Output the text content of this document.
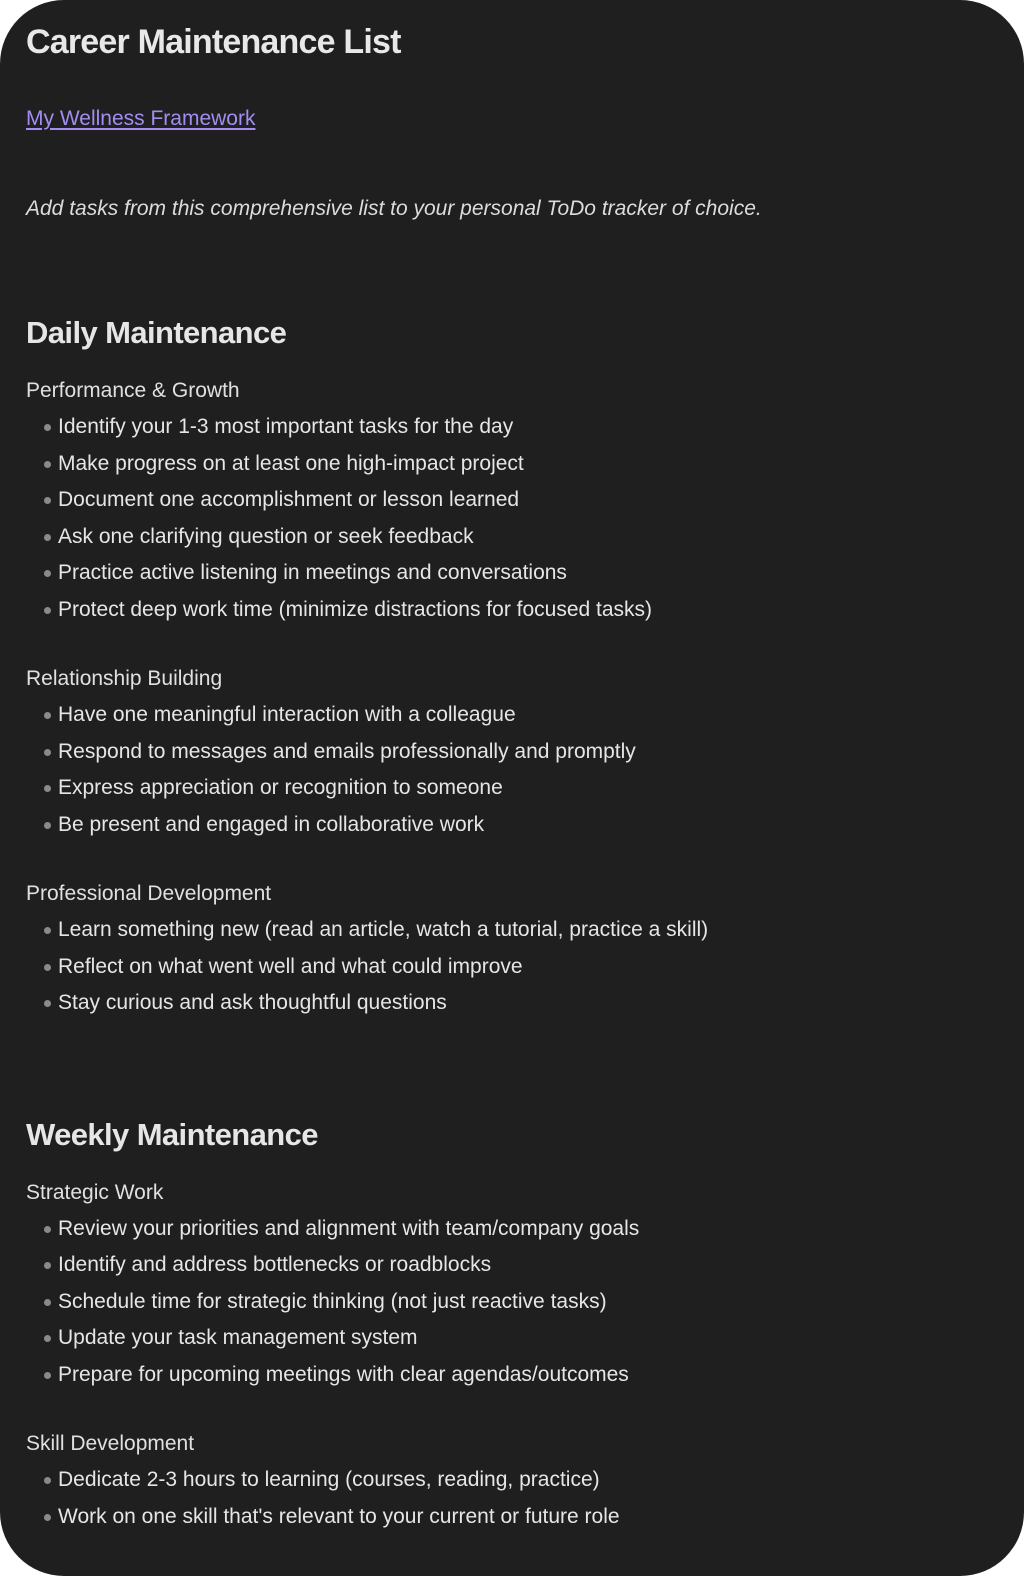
Career Maintenance List
My Wellness Framework

Add tasks from this comprehensive list to your personal ToDo tracker of choice.

Daily Maintenance
Performance & Growth
Identify your 1-3 most important tasks for the day
Make progress on at least one high-impact project
Document one accomplishment or lesson learned
Ask one clarifying question or seek feedback
Practice active listening in meetings and conversations
Protect deep work time (minimize distractions for focused tasks)
Relationship Building
Have one meaningful interaction with a colleague
Respond to messages and emails professionally and promptly
Express appreciation or recognition to someone
Be present and engaged in collaborative work
Professional Development
Learn something new (read an article, watch a tutorial, practice a skill)
Reflect on what went well and what could improve
Stay curious and ask thoughtful questions
Weekly Maintenance
Strategic Work
Review your priorities and alignment with team/company goals
Identify and address bottlenecks or roadblocks
Schedule time for strategic thinking (not just reactive tasks)
Update your task management system
Prepare for upcoming meetings with clear agendas/outcomes
Skill Development
Dedicate 2-3 hours to learning (courses, reading, practice)
Work on one skill that's relevant to your current or future role
